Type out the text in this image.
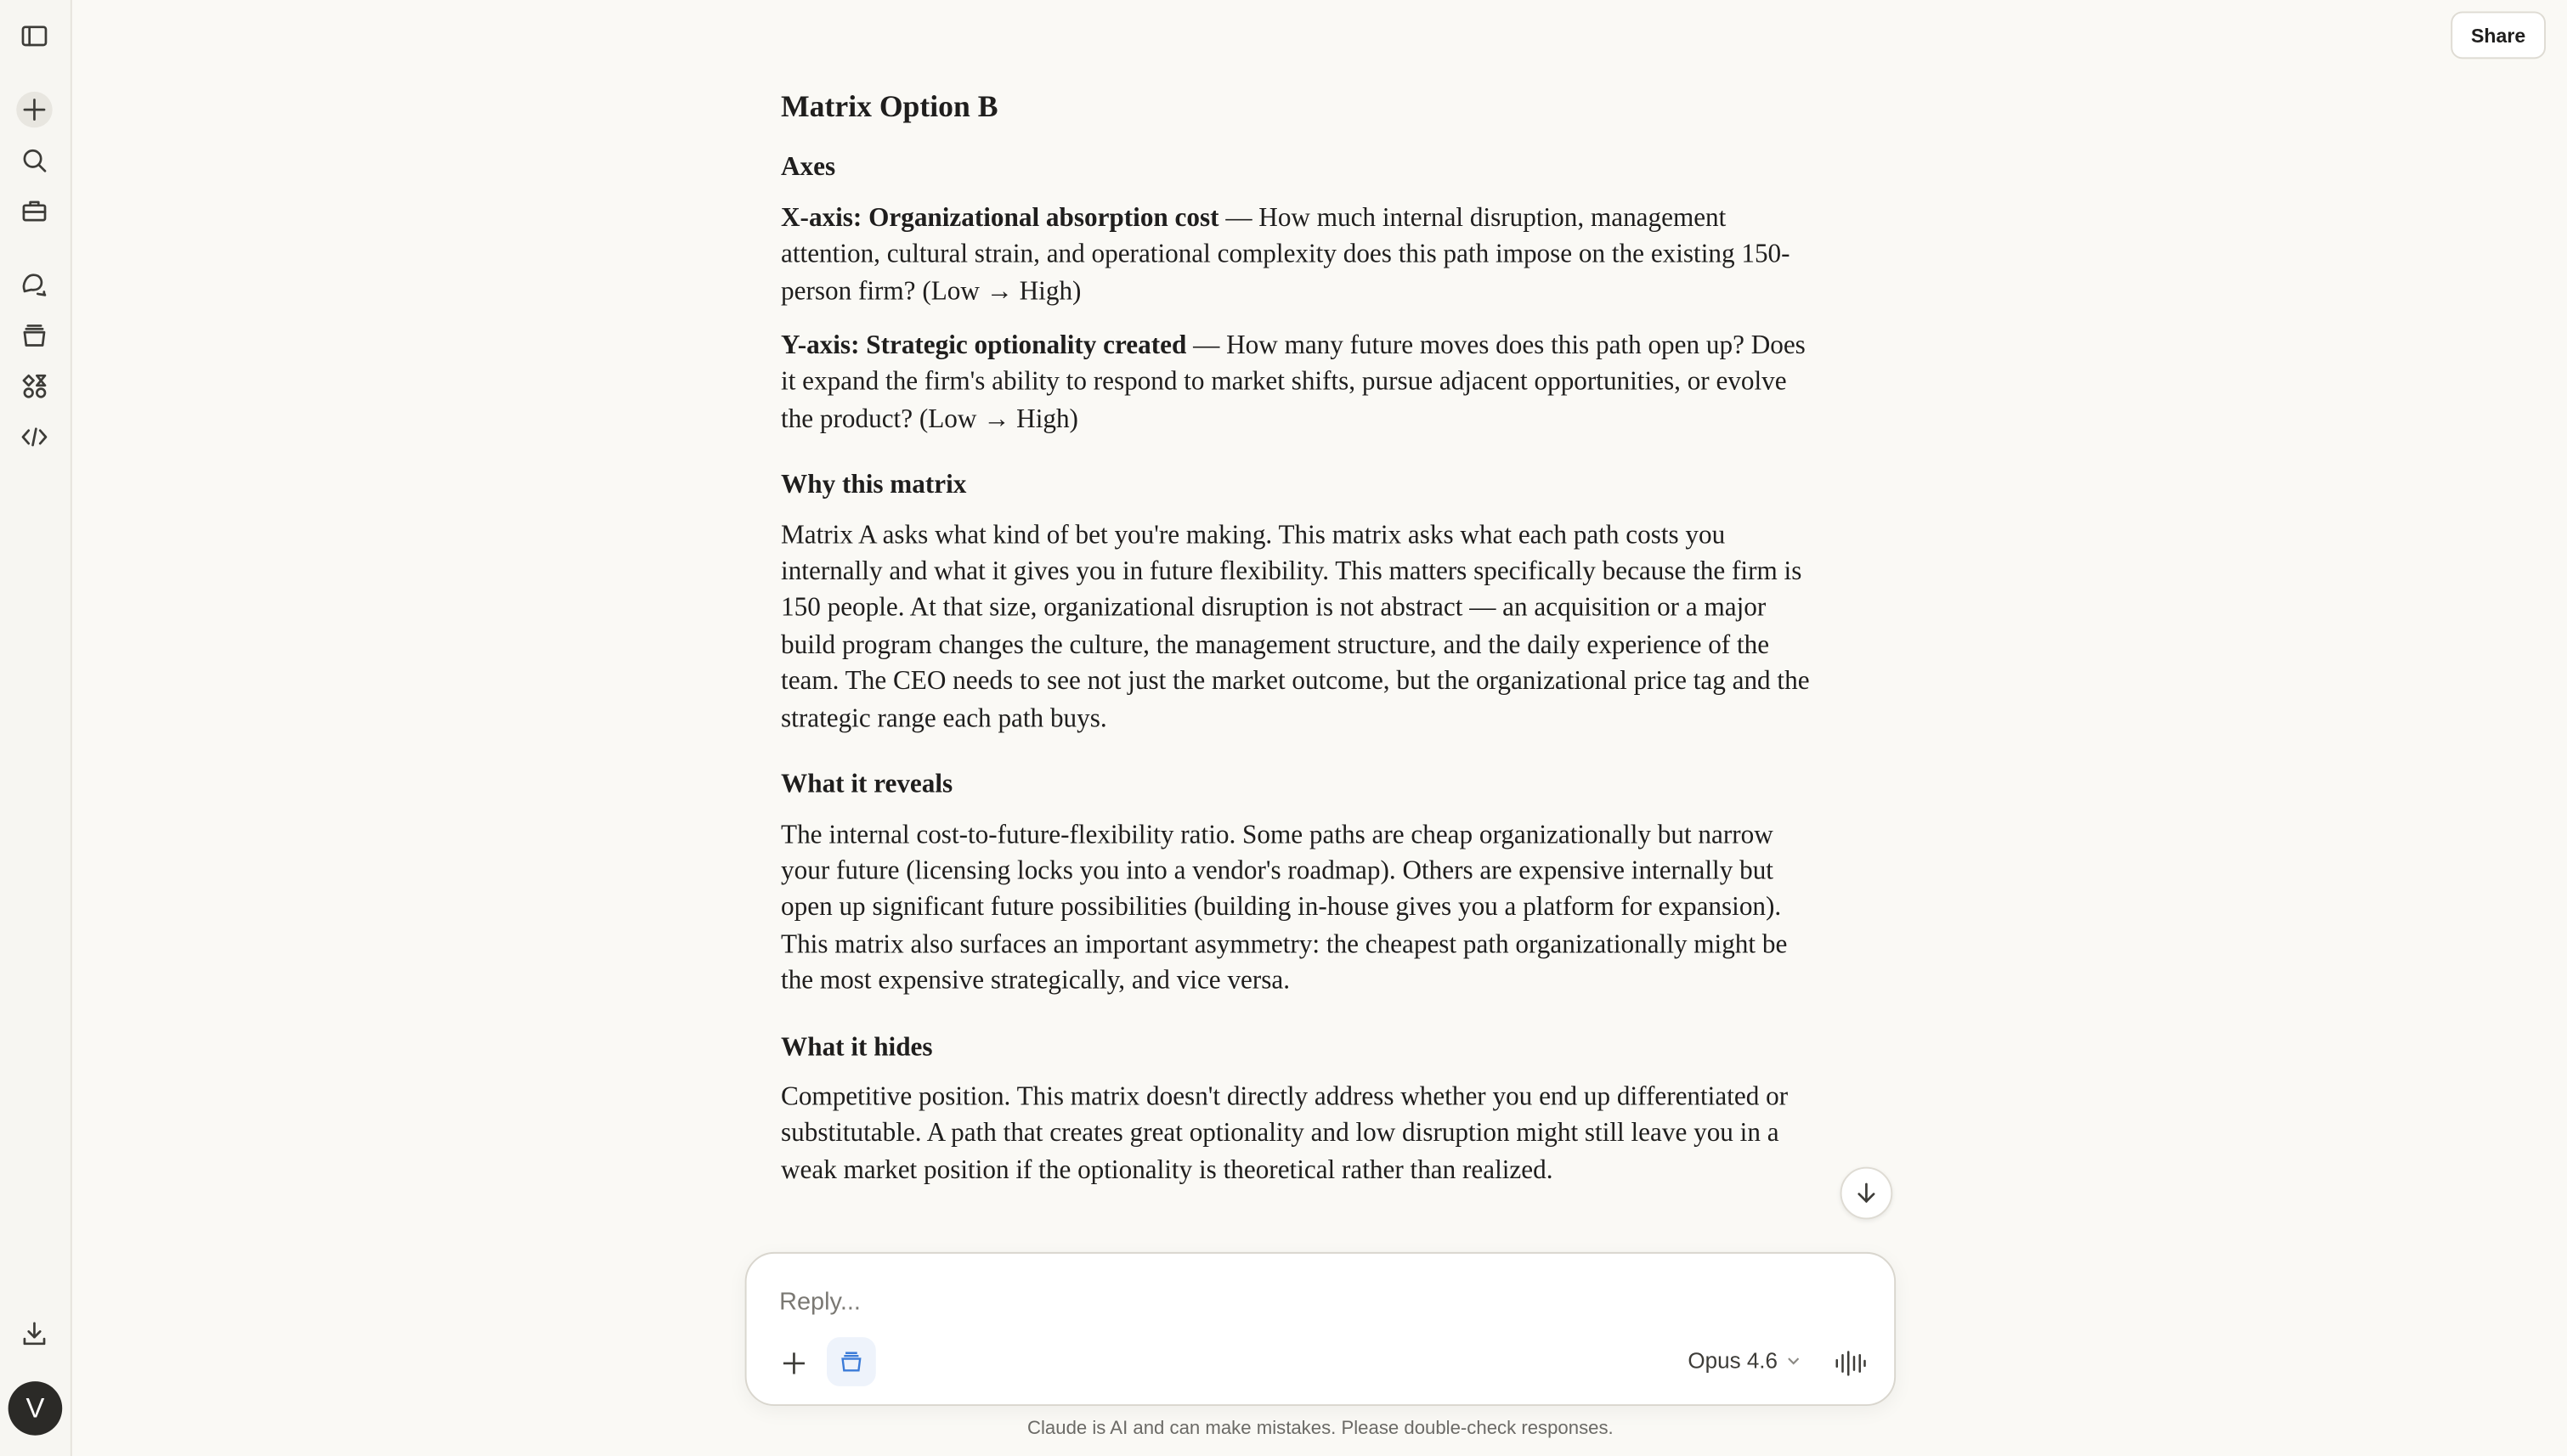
V
Share
Matrix Option B
Axes

X-axis: Organizational absorption cost — How much internal disruption, management attention, cultural strain, and operational complexity does this path impose on the existing 150-person firm? (Low → High)

Y-axis: Strategic optionality created — How many future moves does this path open up? Does it expand the firm's ability to respond to market shifts, pursue adjacent opportunities, or evolve the product? (Low → High)

Why this matrix

Matrix A asks what kind of bet you're making. This matrix asks what each path costs you internally and what it gives you in future flexibility. This matters specifically because the firm is 150 people. At that size, organizational disruption is not abstract — an acquisition or a major build program changes the culture, the management structure, and the daily experience of the team. The CEO needs to see not just the market outcome, but the organizational price tag and the strategic range each path buys.

What it reveals

The internal cost-to-future-flexibility ratio. Some paths are cheap organizationally but narrow your future (licensing locks you into a vendor's roadmap). Others are expensive internally but open up significant future possibilities (building in-house gives you a platform for expansion). This matrix also surfaces an important asymmetry: the cheapest path organizationally might be the most expensive strategically, and vice versa.

What it hides

Competitive position. This matrix doesn't directly address whether you end up differentiated or substitutable. A path that creates great optionality and low disruption might still leave you in a weak market position if the optionality is theoretical rather than realized.

Reply...
Opus 4.6
Claude is AI and can make mistakes. Please double-check responses.
